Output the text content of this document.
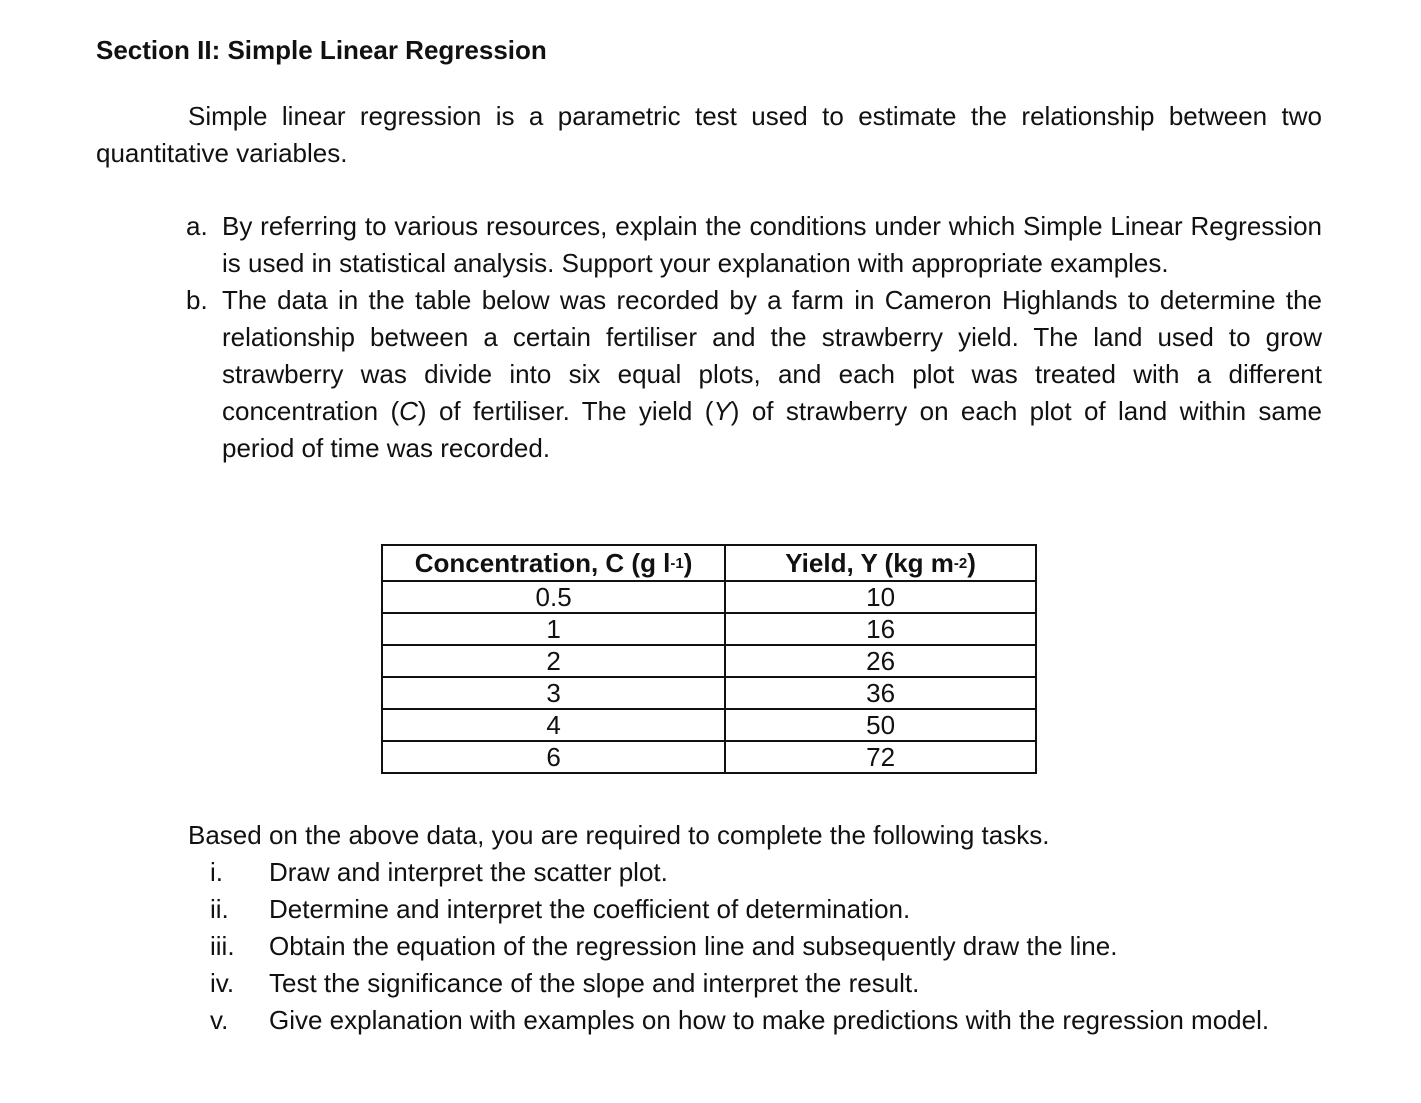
Section II: Simple Linear Regression
Simple linear regression is a parametric test used to estimate the relationship between two quantitative variables.
a. By referring to various resources, explain the conditions under which Simple Linear Regression is used in statistical analysis. Support your explanation with appropriate examples.
b. The data in the table below was recorded by a farm in Cameron Highlands to determine the relationship between a certain fertiliser and the strawberry yield. The land used to grow strawberry was divide into six equal plots, and each plot was treated with a different concentration (C) of fertiliser. The yield (Y) of strawberry on each plot of land within same period of time was recorded.
Concentration, C (g $l^{-1}$)	Yield, Y (kg $m^{-2}$)
0.5	10
1	16
2	26
3	36
4	50
6	72
Based on the above data, you are required to complete the following tasks.
i.	Draw and interpret the scatter plot.
ii.	Determine and interpret the coefficient of determination.
iii.	Obtain the equation of the regression line and subsequently draw the line.
iv.	Test the significance of the slope and interpret the result.
v.	Give explanation with examples on how to make predictions with the regression model.
